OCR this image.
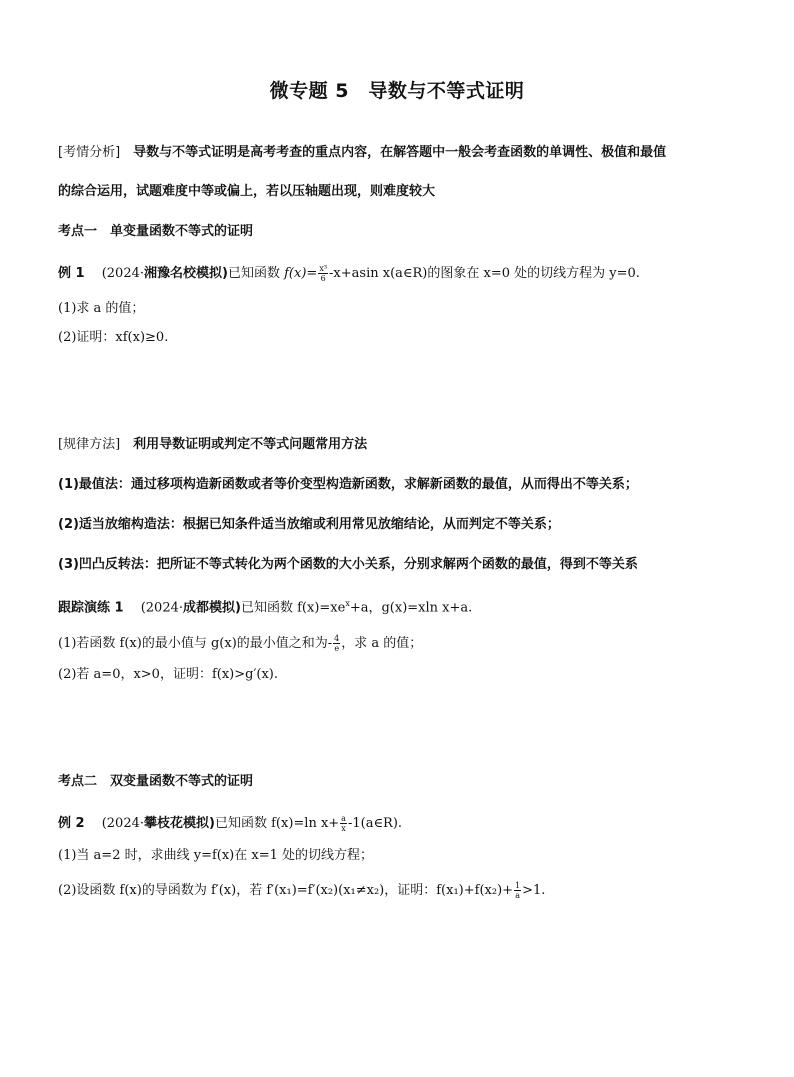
微专题 5　导数与不等式证明
[考情分析]　 导数与不等式证明是高考考查的重点内容，在解答题中一般会考查函数的单调性、极值和最值
的综合运用，试题难度中等或偏上，若以压轴题出现，则难度较大
考点一　单变量函数不等式的证明
例 1　 (2024·湘豫名校模拟)已知函数 $f(x)= \frac{\text{x³}}{6} -x+asin$ x(a∈R)的图象在 x=0 处的切线方程为 y=0.
(1)求 a 的值；
(2)证明：xf(x)≥0.
[规律方法]　 利用导数证明或判定不等式问题常用方法
(1)最值法：通过移项构造新函数或者等价变型构造新函数，求解新函数的最值，从而得出不等关系；
(2)适当放缩构造法：根据已知条件适当放缩或利用常见放缩结论，从而判定不等关系；
(3)凹凸反转法：把所证不等式转化为两个函数的大小关系，分别求解两个函数的最值，得到不等关系
跟踪演练 1　 (2024·成都模拟)已知函数 $f(x)=xe^x+a$，g(x)=xln x+a.
(1)若函数 f(x)的最小值与 g(x)的最小值之和为- $\frac{4}{e}$ ，求 a 的值；
(2)若 a=0，x>0，证明：f(x)>g′(x).
考点二　双变量函数不等式的证明
例 2　 (2024·攀枝花模拟)已知函数 f(x)=ln $x+ \frac{a}{x}$ -1(a∈R).
(1)当 a=2 时，求曲线 y=f(x)在 x=1 处的切线方程；
(2)设函数 f(x)的导函数为 f′(x)，若 f′(x₁)=f′(x₂)(x₁≠x₂)，证明：$f(x_1)+f(x_2)+ \frac{1}{a} >1$.
